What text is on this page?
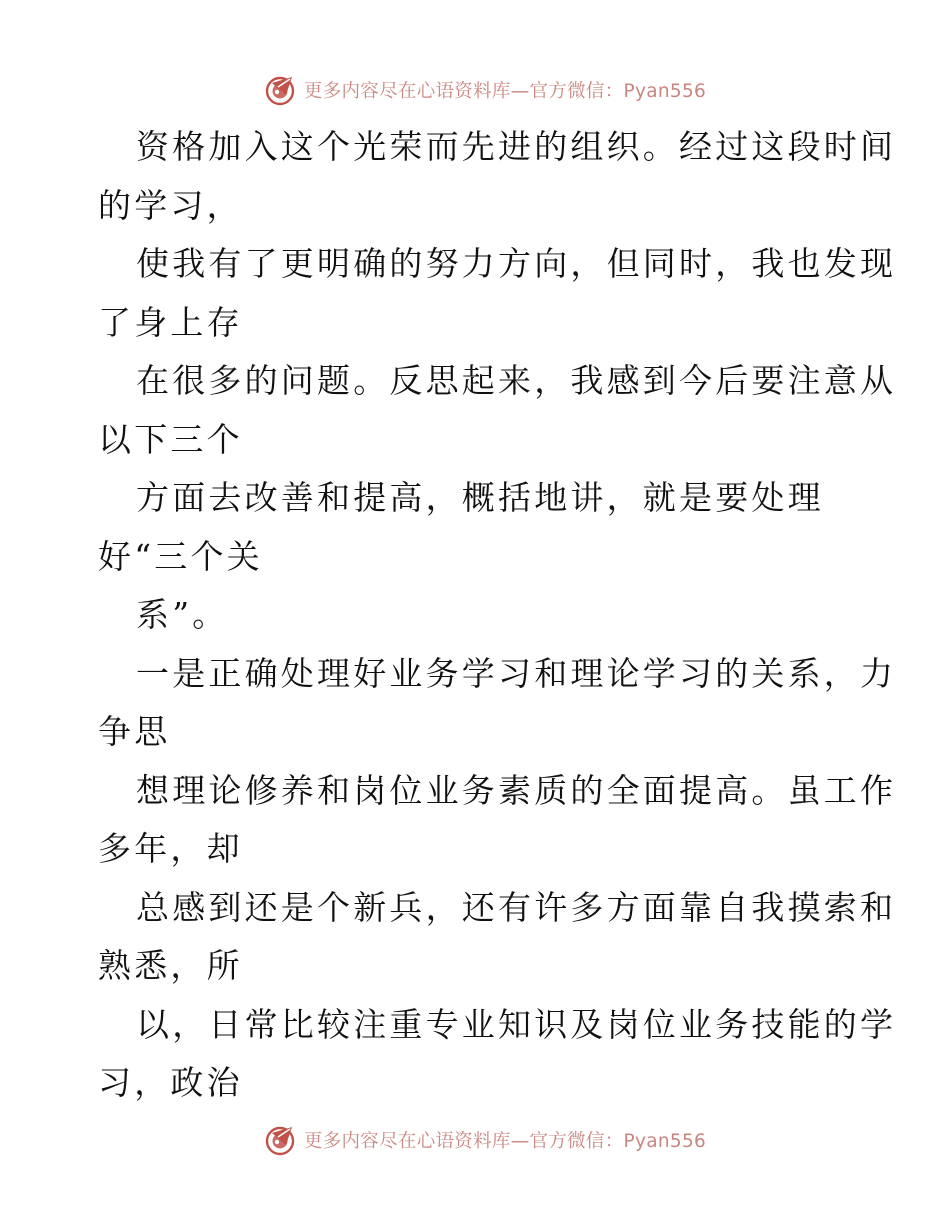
更多内容尽在心语资料库—官方微信：Pyan556
资格加入这个光荣而先进的组织。经过这段时间
的学习，
使我有了更明确的努力方向，但同时，我也发现
了身上存
在很多的问题。反思起来，我感到今后要注意从
以下三个
方面去改善和提高，概括地讲，就是要处理
好“三个关
系”。
一是正确处理好业务学习和理论学习的关系，力
争思
想理论修养和岗位业务素质的全面提高。虽工作
多年，却
总感到还是个新兵，还有许多方面靠自我摸索和
熟悉，所
以，日常比较注重专业知识及岗位业务技能的学
习，政治
更多内容尽在心语资料库—官方微信：Pyan556
